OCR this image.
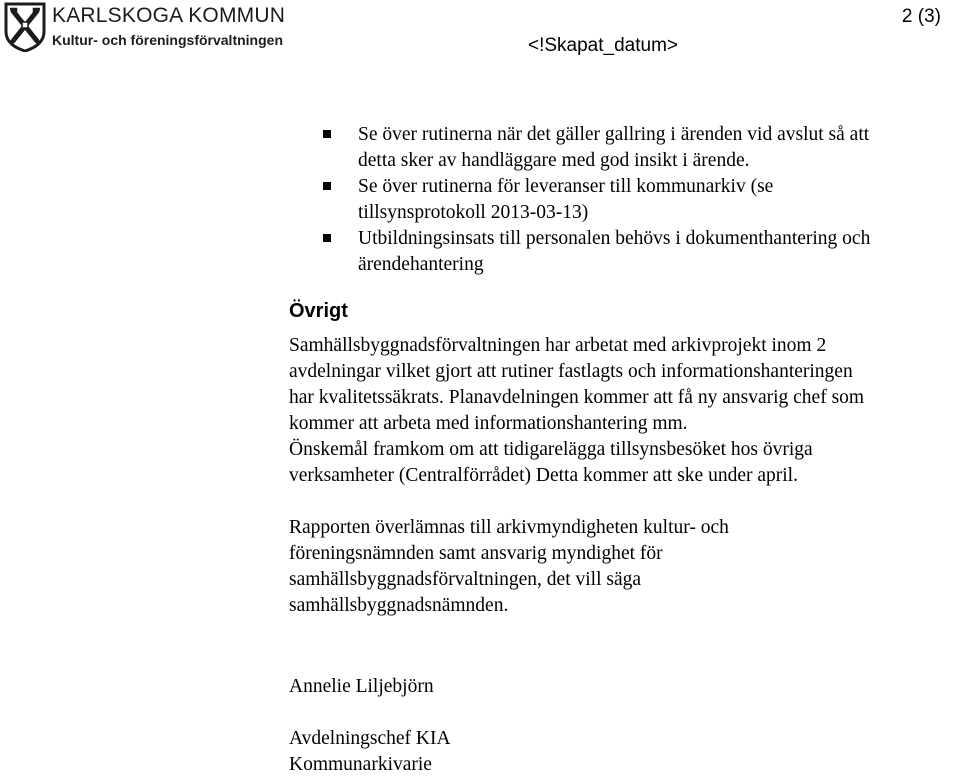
KARLSKOGA KOMMUN
Kultur- och föreningsförvaltningen
2 (3)
<!Skapat_datum>
Se över rutinerna när det gäller gallring i ärenden vid avslut så att
detta sker av handläggare med god insikt i ärende.
Se över rutinerna för leveranser till kommunarkiv (se
tillsynsprotokoll 2013-03-13)
Utbildningsinsats till personalen behövs i dokumenthantering och
ärendehantering
Övrigt

Samhällsbyggnadsförvaltningen har arbetat med arkivprojekt inom 2
avdelningar vilket gjort att rutiner fastlagts och informationshanteringen
har kvalitetssäkrats. Planavdelningen kommer att få ny ansvarig chef som
kommer att arbeta med informationshantering mm.
Önskemål framkom om att tidigarelägga tillsynsbesöket hos övriga
verksamheter (Centralförrådet) Detta kommer att ske under april.

Rapporten överlämnas till arkivmyndigheten kultur- och
föreningsnämnden samt ansvarig myndighet för
samhällsbyggnadsförvaltningen, det vill säga
samhällsbyggnadsnämnden.

Annelie Liljebjörn
Avdelningschef KIA
Kommunarkivarie
